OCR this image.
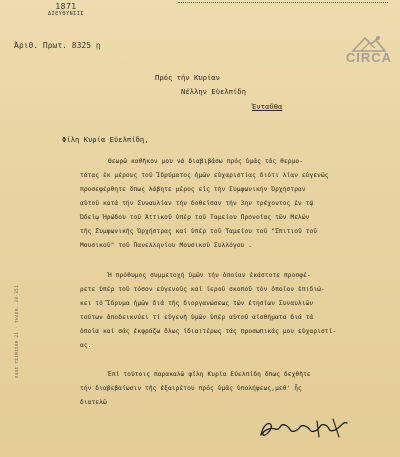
1871
ΔΙΕΥΘΥΝΣΙΣ
Ἀριθ. Πρωτ. 8325 ῃ
CIRCA
ΟΔΟΣ ΤΣΙΜΙΣΚΗ 21 · ΤΗΛΕΦ. 20-351
Πρός τήν Κυρίαν
Νέλλην Εὐελπίδη
Ἐνταῦθα
Φίλη Κυρία Εὐελπίδη,
Θεωρῶ καθῆκον μου νά διαβιβάσω πρός ὑμᾶς τάς θερμο-
τάτας ἐκ μέρους τοῦ Ἱδρύματος ἡμῶν εὐχαριστίας διότι λίαν εὐγενῶς
προσεφέρθητε ὅπως λάβητε μέρος εἰς τήν Συμφωνικήν Ὀρχήστραν
αὐτοῦ κατά τήν Συναυλίαν τήν δοθεῖσαν τήν 3ην τρέχοντος ἐν τῷ
Ὠδεῖῳ Ἡρώδου τοῦ Ἀττικοῦ ὑπέρ τοῦ Ταμείου Προνοίας τῶν Μελῶν
τῆς Συμφωνικῆς Ὀρχήστρας καί ὑπέρ τοῦ Ταμείου τοῦ "Σπιτιοῦ τοῦ
Μουσικοῦ" τοῦ Πανελληνίου Μουσικοῦ Συλλόγου .
Ἡ πρόθυμος συμμετοχή ὑμῶν τήν ὁποίαν ἐκάστοτε προσφέ-
ρετε ὑπέρ τοῦ τόσον εὐγενοῦς καί ἱεροῦ σκοποῦ τόν ὁποῖον ἐπιδιώ-
κει τό Ἵδρυμα ἡμῶν διά τῆς διοργανώσεως τῶν ἐτησίων Συναυλιῶν
τούτων ἀποδεικνύει τί εὐγενῆ ὑμῶν ὑπέρ αὐτοῦ αἰσθήματα διά τά
ὁποῖα καί σᾶς ἐκφράζω ὅλως ἰδιαιτέρως τάς προσωπικάς μου εὐχαριστί-
ας.
Ἐπί τούτοις παρακαλῶ φίλη Κυρία Εὐελπίδη ὅπως δεχθῆτε
τήν διαβεβαίωσιν τῆς ἐξαιρέτου πρός ὑμᾶς ὑπολήψεως,μεθ' ἧς
διατελῶ
